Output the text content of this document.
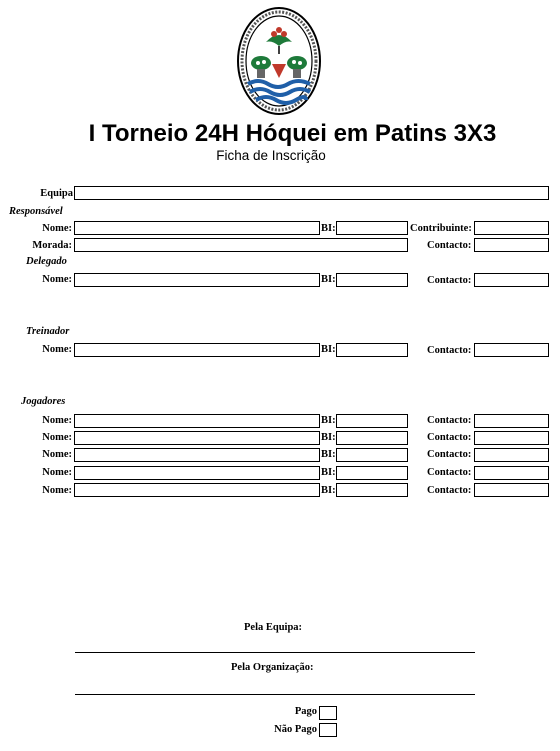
I Torneio 24H Hóquei em Patins 3X3
Ficha de Inscrição
Equipa
Responsável
Nome:	BI:	Contribuinte:
Morada:	Contacto:
Delegado
Nome:	BI:	Contacto:
Treinador
Nome:	BI:	Contacto:
Jogadores
Nome:	BI:	Contacto:
Nome:	BI:	Contacto:
Nome:	BI:	Contacto:
Nome:	BI:	Contacto:
Nome:	BI:	Contacto:
Pela Equipa:
Pela Organização:
Pago
Não Pago
